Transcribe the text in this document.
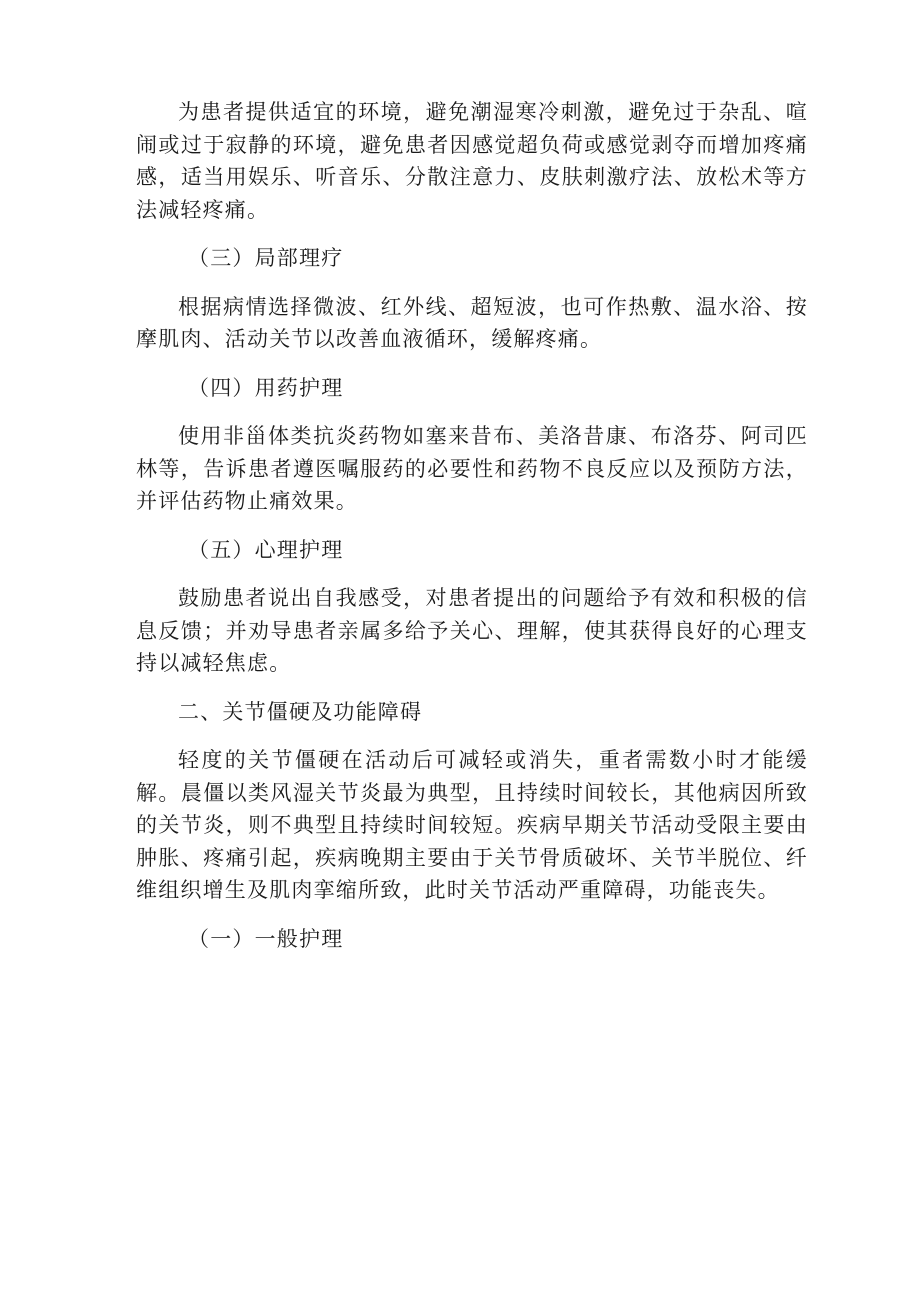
为患者提供适宜的环境，避免潮湿寒冷刺激，避免过于杂乱、喧闹或过于寂静的环境，避免患者因感觉超负荷或感觉剥夺而增加疼痛感，适当用娱乐、听音乐、分散注意力、皮肤刺激疗法、放松术等方法减轻疼痛。

（三）局部理疗

根据病情选择微波、红外线、超短波，也可作热敷、温水浴、按摩肌肉、活动关节以改善血液循环，缓解疼痛。

（四）用药护理

使用非甾体类抗炎药物如塞来昔布、美洛昔康、布洛芬、阿司匹林等，告诉患者遵医嘱服药的必要性和药物不良反应以及预防方法，并评估药物止痛效果。

（五）心理护理

鼓励患者说出自我感受，对患者提出的问题给予有效和积极的信息反馈；并劝导患者亲属多给予关心、理解，使其获得良好的心理支持以减轻焦虑。

二、关节僵硬及功能障碍

轻度的关节僵硬在活动后可减轻或消失，重者需数小时才能缓解。晨僵以类风湿关节炎最为典型，且持续时间较长，其他病因所致的关节炎，则不典型且持续时间较短。疾病早期关节活动受限主要由肿胀、疼痛引起，疾病晚期主要由于关节骨质破坏、关节半脱位、纤维组织增生及肌肉挛缩所致，此时关节活动严重障碍，功能丧失。

（一）一般护理
